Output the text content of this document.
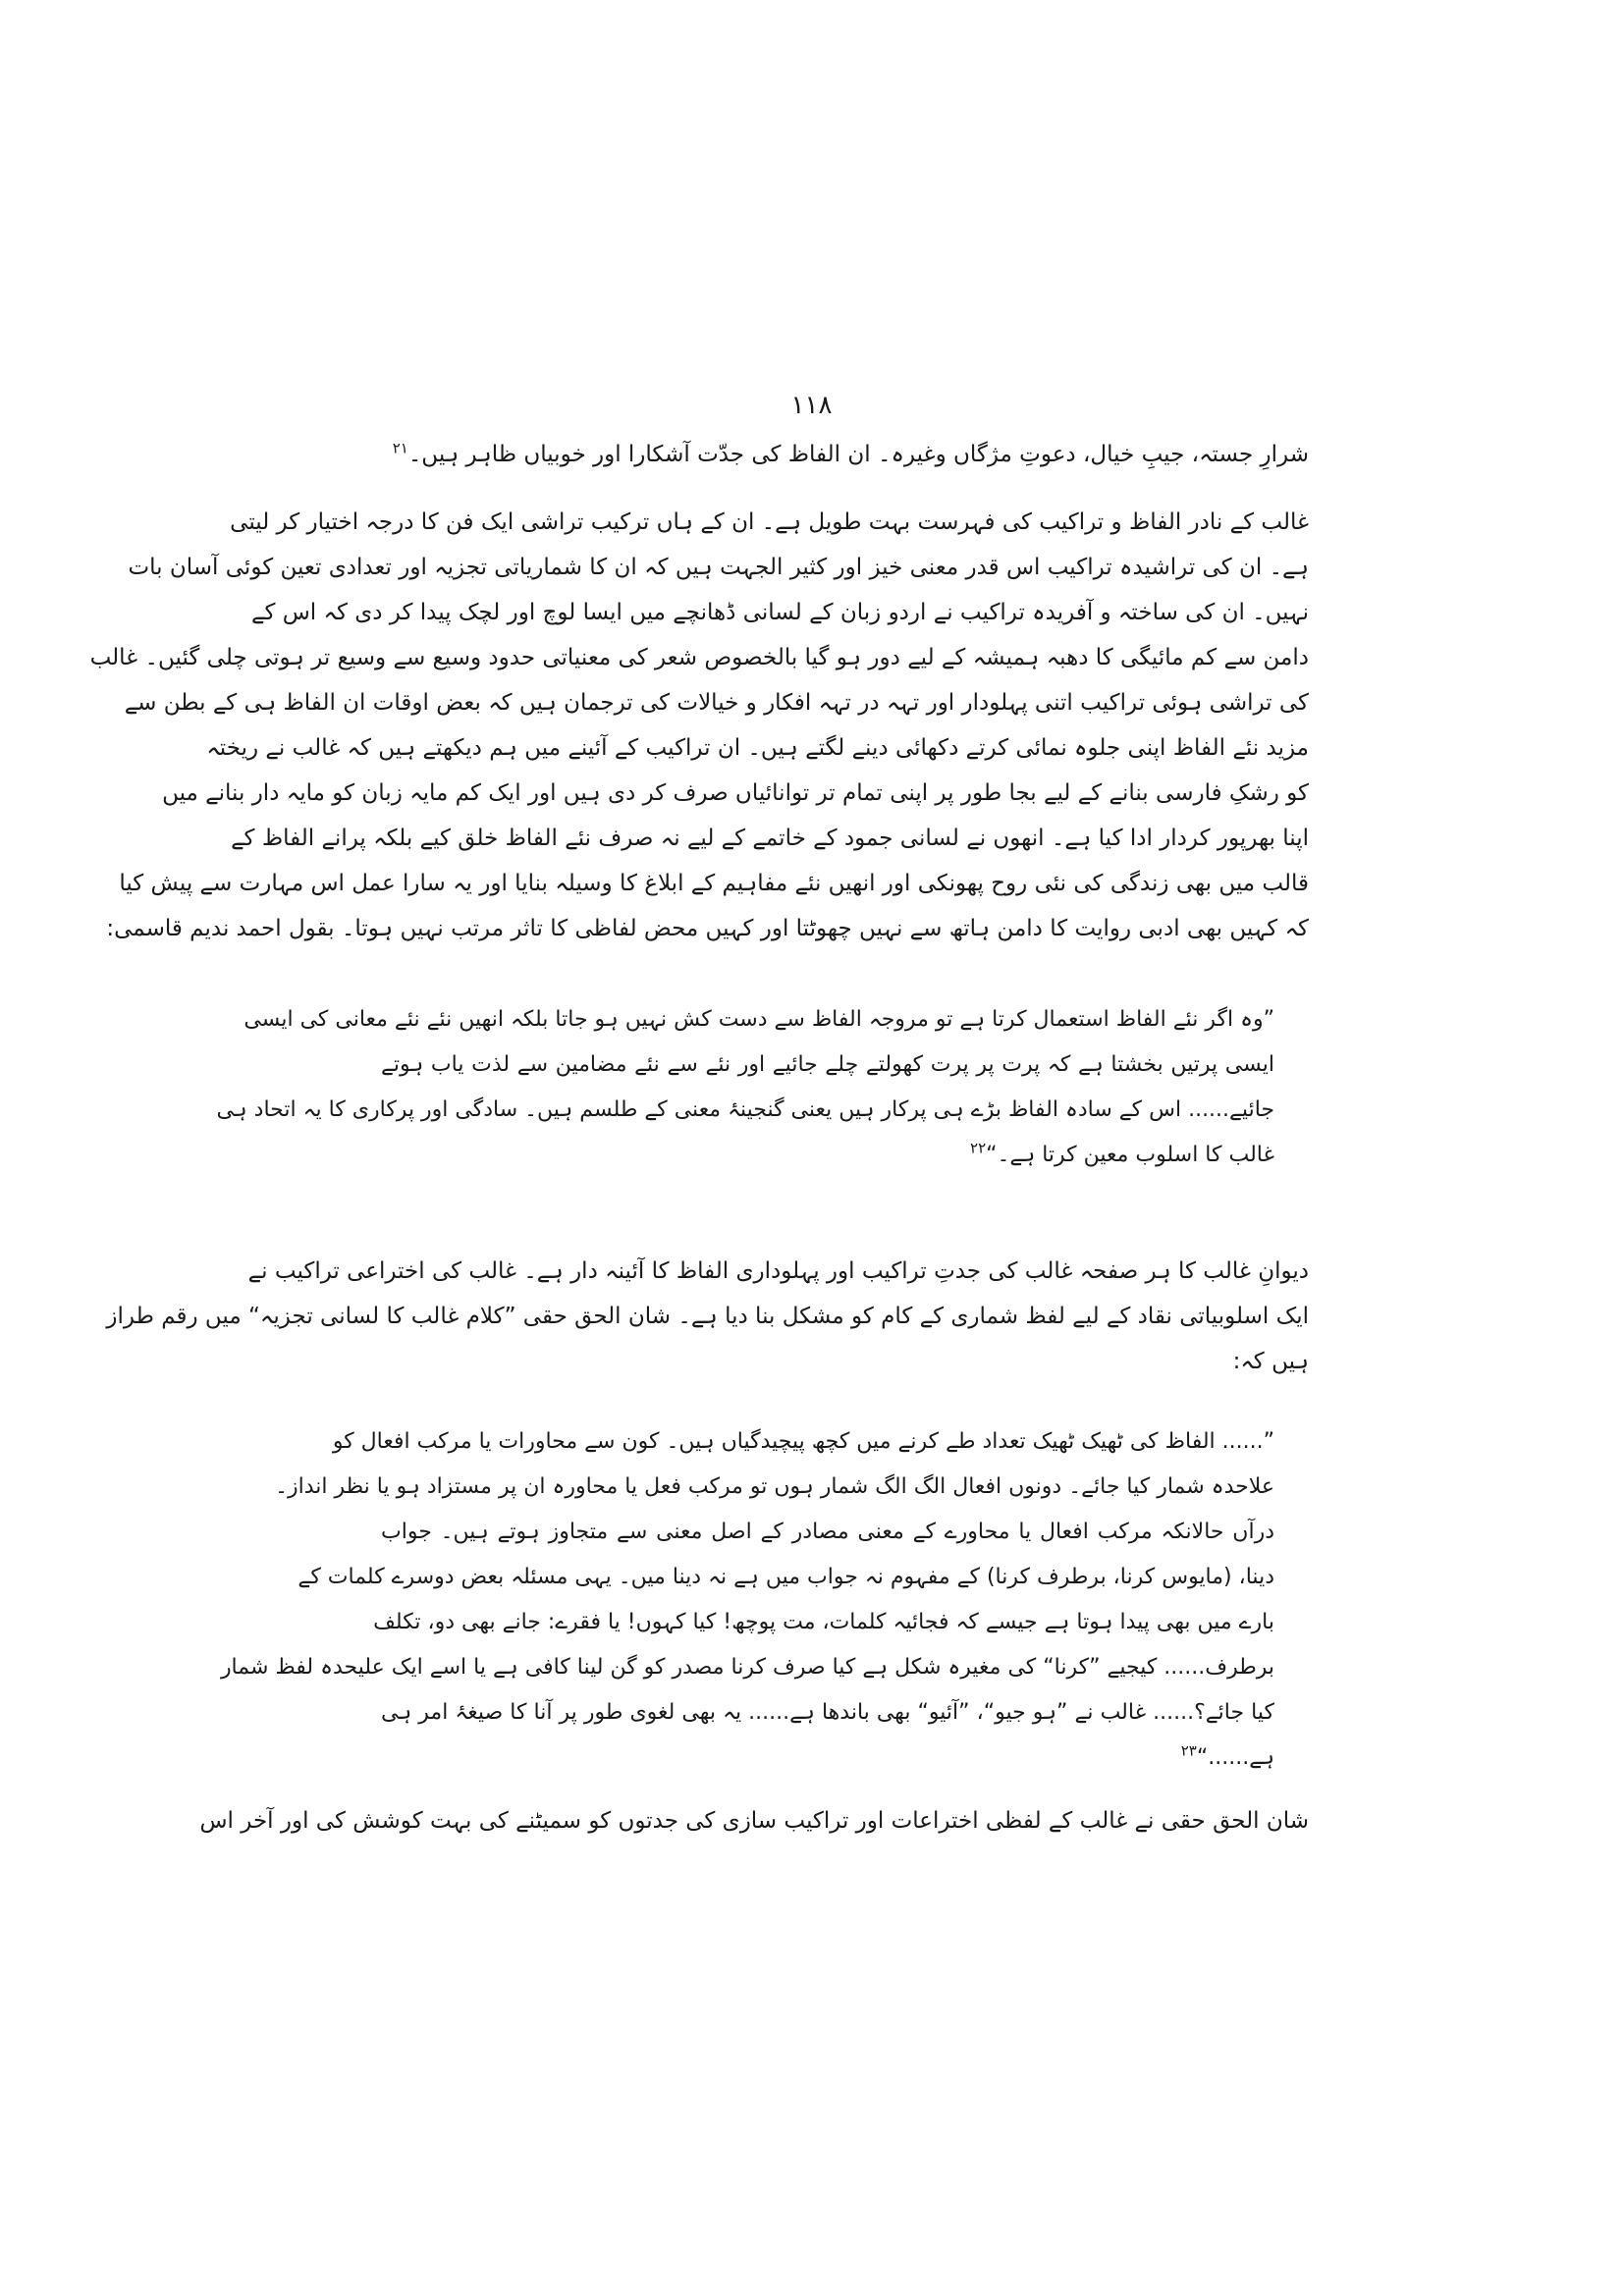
۱۱۸
شرارِ جستہ، جیبِ خیال، دعوتِ مژگاں وغیرہ۔ ان الفاظ کی جدّت آشکارا اور خوبیاں ظاہر ہیں۔$^{۲۱}$
غالب کے نادر الفاظ و تراکیب کی فہرست بہت طویل ہے۔ ان کے ہاں ترکیب تراشی ایک فن کا درجہ اختیار کر لیتی
ہے۔ ان کی تراشیدہ تراکیب اس قدر معنی خیز اور کثیر الجہت ہیں کہ ان کا شماریاتی تجزیہ اور تعدادی تعین کوئی آسان بات
نہیں۔ ان کی ساختہ و آفریدہ تراکیب نے اردو زبان کے لسانی ڈھانچے میں ایسا لوچ اور لچک پیدا کر دی کہ اس کے
دامن سے کم مائیگی کا دھبہ ہمیشہ کے لیے دور ہو گیا بالخصوص شعر کی معنیاتی حدود وسیع سے وسیع تر ہوتی چلی گئیں۔ غالب
کی تراشی ہوئی تراکیب اتنی پہلودار اور تہہ در تہہ افکار و خیالات کی ترجمان ہیں کہ بعض اوقات ان الفاظ ہی کے بطن سے
مزید نئے الفاظ اپنی جلوہ نمائی کرتے دکھائی دینے لگتے ہیں۔ ان تراکیب کے آئینے میں ہم دیکھتے ہیں کہ غالب نے ریختہ
کو رشکِ فارسی بنانے کے لیے بجا طور پر اپنی تمام تر توانائیاں صرف کر دی ہیں اور ایک کم مایہ زبان کو مایہ دار بنانے میں
اپنا بھرپور کردار ادا کیا ہے۔ انھوں نے لسانی جمود کے خاتمے کے لیے نہ صرف نئے الفاظ خلق کیے بلکہ پرانے الفاظ کے
قالب میں بھی زندگی کی نئی روح پھونکی اور انھیں نئے مفاہیم کے ابلاغ کا وسیلہ بنایا اور یہ سارا عمل اس مہارت سے پیش کیا
کہ کہیں بھی ادبی روایت کا دامن ہاتھ سے نہیں چھوٹتا اور کہیں محض لفاظی کا تاثر مرتب نہیں ہوتا۔ بقول احمد ندیم قاسمی:
”وہ اگر نئے الفاظ استعمال کرتا ہے تو مروجہ الفاظ سے دست کش نہیں ہو جاتا بلکہ انھیں نئے نئے معانی کی ایسی
ایسی پرتیں بخشتا ہے کہ پرت پر پرت کھولتے چلے جائیے اور نئے سے نئے مضامین سے لذت یاب ہوتے
جائیے...... اس کے سادہ الفاظ بڑے ہی پرکار ہیں یعنی گنجینۂ معنی کے طلسم ہیں۔ سادگی اور پرکاری کا یہ اتحاد ہی
غالب کا اسلوب معین کرتا ہے۔“$^{۲۲}$
دیوانِ غالب کا ہر صفحہ غالب کی جدتِ تراکیب اور پہلوداری الفاظ کا آئینہ دار ہے۔ غالب کی اختراعی تراکیب نے
ایک اسلوبیاتی نقاد کے لیے لفظ شماری کے کام کو مشکل بنا دیا ہے۔ شان الحق حقی ”کلام غالب کا لسانی تجزیہ“ میں رقم طراز
ہیں کہ:
”...... الفاظ کی ٹھیک ٹھیک تعداد طے کرنے میں کچھ پیچیدگیاں ہیں۔ کون سے محاورات یا مرکب افعال کو
علاحدہ شمار کیا جائے۔ دونوں افعال الگ الگ شمار ہوں تو مرکب فعل یا محاورہ ان پر مستزاد ہو یا نظر انداز۔
درآں حالانکہ مرکب افعال یا محاورے کے معنی مصادر کے اصل معنی سے متجاوز ہوتے ہیں۔ جواب
دینا، (مایوس کرنا، برطرف کرنا) کے مفہوم نہ جواب میں ہے نہ دینا میں۔ یہی مسئلہ بعض دوسرے کلمات کے
بارے میں بھی پیدا ہوتا ہے جیسے کہ فجائیہ کلمات، مت پوچھ! کیا کہوں! یا فقرے: جانے بھی دو، تکلف
برطرف...... کیجیے ”کرنا“ کی مغیرہ شکل ہے کیا صرف کرنا مصدر کو گن لینا کافی ہے یا اسے ایک علیحدہ لفظ شمار
کیا جائے؟...... غالب نے ”ہو جیو“، ”آئیو“ بھی باندھا ہے...... یہ بھی لغوی طور پر آنا کا صیغۂ امر ہی
ہے......“$^{۲۳}$
شان الحق حقی نے غالب کے لفظی اختراعات اور تراکیب سازی کی جدتوں کو سمیٹنے کی بہت کوشش کی اور آخر اس
